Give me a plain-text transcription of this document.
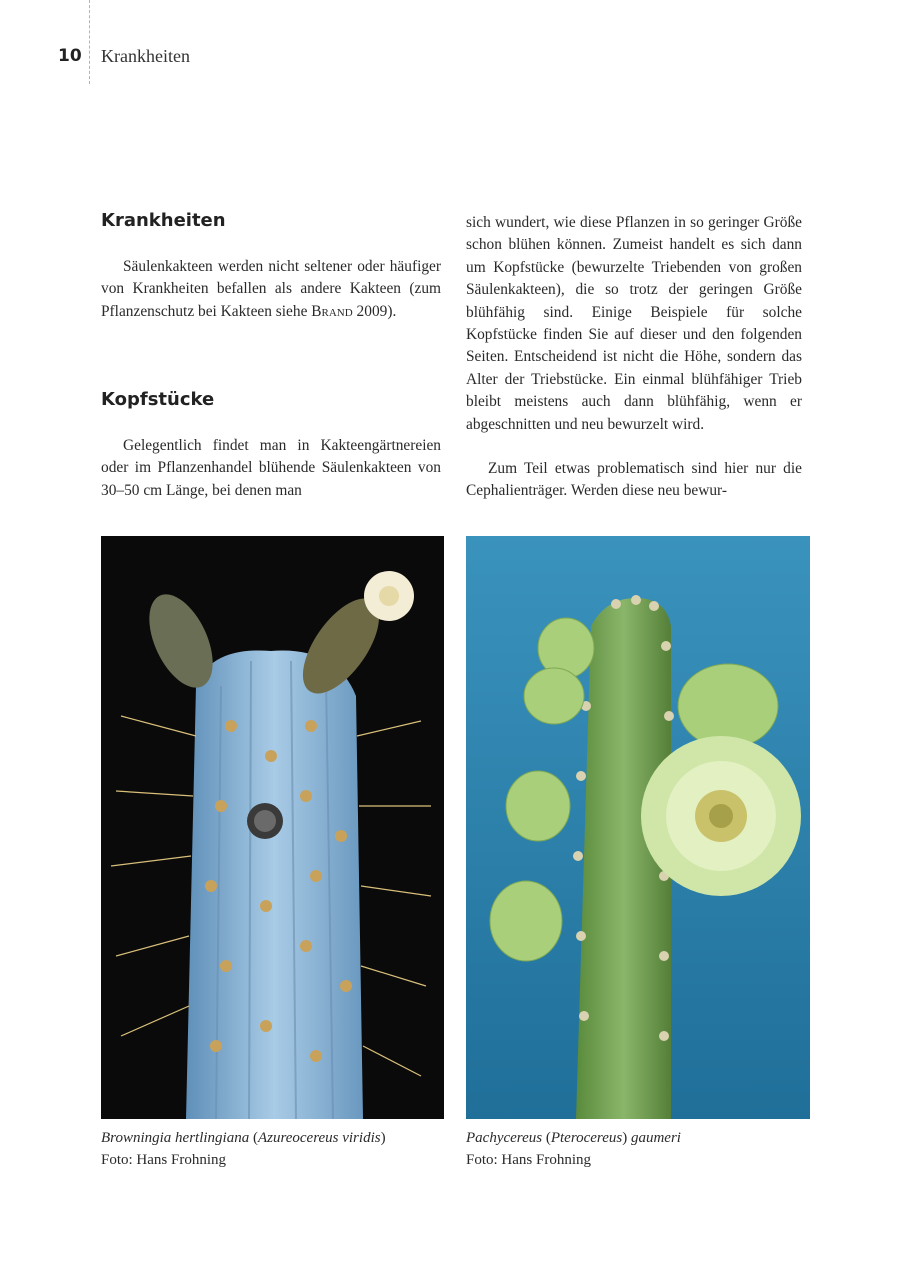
10 Krankheiten
Krankheiten

Säulenkakteen werden nicht seltener oder häufiger von Krankheiten befallen als andere Kakteen (zum Pflanzenschutz bei Kakteen siehe Brand 2009).

Kopfstücke

Gelegentlich findet man in Kakteengärtnereien oder im Pflanzenhandel blühende Säulenkakteen von 30–50 cm Länge, bei denen man

sich wundert, wie diese Pflanzen in so geringer Größe schon blühen können. Zumeist handelt es sich dann um Kopfstücke (bewurzelte Triebenden von großen Säulenkakteen), die so trotz der geringen Größe blühfähig sind. Einige Beispiele für solche Kopfstücke finden Sie auf dieser und den folgenden Seiten. Entscheidend ist nicht die Höhe, sondern das Alter der Triebstücke. Ein einmal blühfähiger Trieb bleibt meistens auch dann blühfähig, wenn er abgeschnitten und neu bewurzelt wird.

Zum Teil etwas problematisch sind hier nur die Cephalienträger. Werden diese neu bewur-

Browningia hertlingiana (Azureocereus viridis)
Foto: Hans Frohning
Pachycereus (Pterocereus) gaumeri
Foto: Hans Frohning
